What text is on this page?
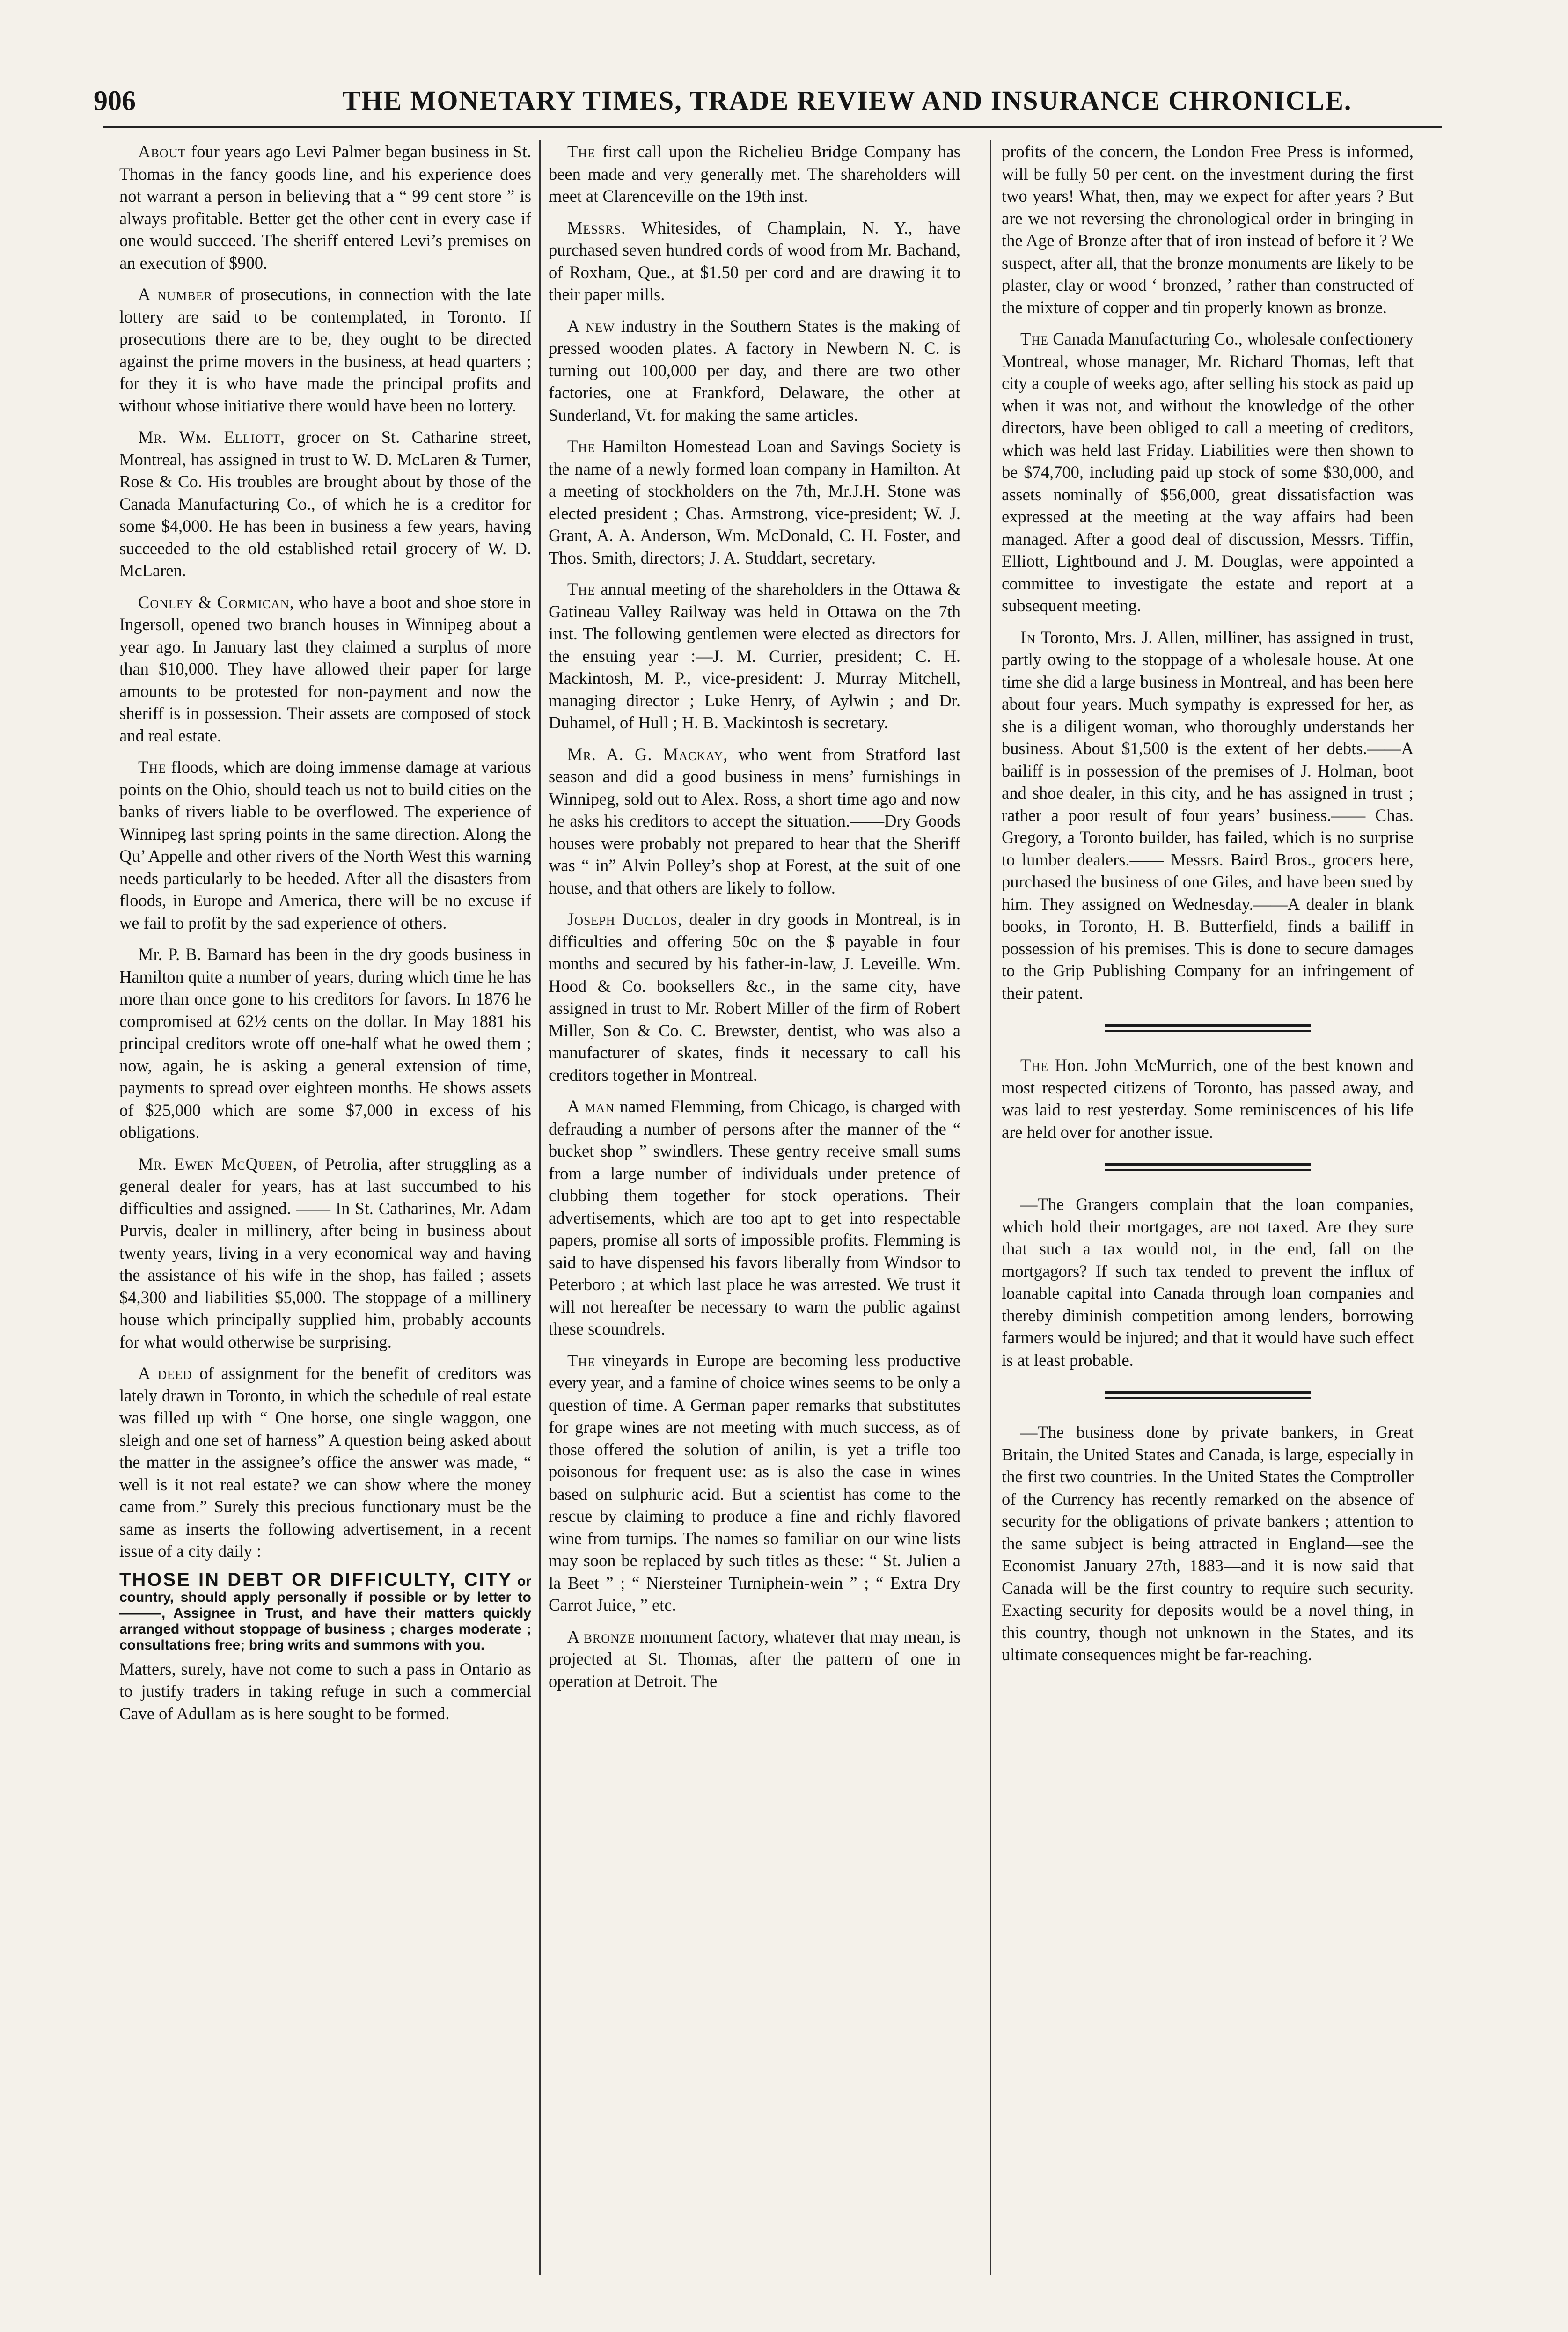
906	THE MONETARY TIMES, TRADE REVIEW AND INSURANCE CHRONICLE.

About four years ago Levi Palmer began business in St. Thomas in the fancy goods line, and his experience does not warrant a person in believing that a “ 99 cent store ” is always profitable. Better get the other cent in every case if one would succeed. The sheriff entered Levi’s premises on an execution of $900.

A number of prosecutions, in connection with the late lottery are said to be contemplated, in Toronto. If prosecutions there are to be, they ought to be directed against the prime movers in the business, at head quarters ; for they it is who have made the principal profits and without whose initiative there would have been no lottery.

Mr. Wm. Elliott, grocer on St. Catharine street, Montreal, has assigned in trust to W. D. McLaren & Turner, Rose & Co. His troubles are brought about by those of the Canada Manufacturing Co., of which he is a creditor for some $4,000. He has been in business a few years, having succeeded to the old established retail grocery of W. D. McLaren.

Conley & Cormican, who have a boot and shoe store in Ingersoll, opened two branch houses in Winnipeg about a year ago. In January last they claimed a surplus of more than $10,000. They have allowed their paper for large amounts to be protested for non-payment and now the sheriff is in possession. Their assets are composed of stock and real estate.

The floods, which are doing immense damage at various points on the Ohio, should teach us not to build cities on the banks of rivers liable to be overflowed. The experience of Winnipeg last spring points in the same direction. Along the Qu’ Appelle and other rivers of the North West this warning needs particularly to be heeded. After all the disasters from floods, in Europe and America, there will be no excuse if we fail to profit by the sad experience of others.

Mr. P. B. Barnard has been in the dry goods business in Hamilton quite a number of years, during which time he has more than once gone to his creditors for favors. In 1876 he compromised at 62½ cents on the dollar. In May 1881 his principal creditors wrote off one-half what he owed them ; now, again, he is asking a general extension of time, payments to spread over eighteen months. He shows assets of $25,000 which are some $7,000 in excess of his obligations.

Mr. Ewen McQueen, of Petrolia, after struggling as a general dealer for years, has at last succumbed to his difficulties and assigned. —— In St. Catharines, Mr. Adam Purvis, dealer in millinery, after being in business about twenty years, living in a very economical way and having the assistance of his wife in the shop, has failed ; assets $4,300 and liabilities $5,000. The stoppage of a millinery house which principally supplied him, probably accounts for what would otherwise be surprising.

A deed of assignment for the benefit of creditors was lately drawn in Toronto, in which the schedule of real estate was filled up with “ One horse, one single waggon, one sleigh and one set of harness” A question being asked about the matter in the assignee’s office the answer was made, “ well is it not real estate? we can show where the money came from.” Surely this precious functionary must be the same as inserts the following advertisement, in a recent issue of a city daily :

THOSE IN DEBT OR DIFFICULTY, CITY or country, should apply personally if possible or by letter to ———, Assignee in Trust, and have their matters quickly arranged without stoppage of business ; charges moderate ; consultations free; bring writs and summons with you.

Matters, surely, have not come to such a pass in Ontario as to justify traders in taking refuge in such a commercial Cave of Adullam as is here sought to be formed.

The first call upon the Richelieu Bridge Company has been made and very generally met. The shareholders will meet at Clarenceville on the 19th inst.

Messrs. Whitesides, of Champlain, N. Y., have purchased seven hundred cords of wood from Mr. Bachand, of Roxham, Que., at $1.50 per cord and are drawing it to their paper mills.

A new industry in the Southern States is the making of pressed wooden plates. A factory in Newbern N. C. is turning out 100,000 per day, and there are two other factories, one at Frankford, Delaware, the other at Sunderland, Vt. for making the same articles.

The Hamilton Homestead Loan and Savings Society is the name of a newly formed loan company in Hamilton. At a meeting of stockholders on the 7th, Mr.J.H. Stone was elected president ; Chas. Armstrong, vice-president; W. J. Grant, A. A. Anderson, Wm. McDonald, C. H. Foster, and Thos. Smith, directors; J. A. Studdart, secretary.

The annual meeting of the shareholders in the Ottawa & Gatineau Valley Railway was held in Ottawa on the 7th inst. The following gentlemen were elected as directors for the ensuing year :—J. M. Currier, president; C. H. Mackintosh, M. P., vice-president: J. Murray Mitchell, managing director ; Luke Henry, of Aylwin ; and Dr. Duhamel, of Hull ; H. B. Mackintosh is secretary.

Mr. A. G. Mackay, who went from Stratford last season and did a good business in mens’ furnishings in Winnipeg, sold out to Alex. Ross, a short time ago and now he asks his creditors to accept the situation.——Dry Goods houses were probably not prepared to hear that the Sheriff was “ in” Alvin Polley’s shop at Forest, at the suit of one house, and that others are likely to follow.

Joseph Duclos, dealer in dry goods in Montreal, is in difficulties and offering 50c on the $ payable in four months and secured by his father-in-law, J. Leveille. Wm. Hood & Co. booksellers &c., in the same city, have assigned in trust to Mr. Robert Miller of the firm of Robert Miller, Son & Co. C. Brewster, dentist, who was also a manufacturer of skates, finds it necessary to call his creditors together in Montreal.

A man named Flemming, from Chicago, is charged with defrauding a number of persons after the manner of the “ bucket shop ” swindlers. These gentry receive small sums from a large number of individuals under pretence of clubbing them together for stock operations. Their advertisements, which are too apt to get into respectable papers, promise all sorts of impossible profits. Flemming is said to have dispensed his favors liberally from Windsor to Peterboro ; at which last place he was arrested. We trust it will not hereafter be necessary to warn the public against these scoundrels.

The vineyards in Europe are becoming less productive every year, and a famine of choice wines seems to be only a question of time. A German paper remarks that substitutes for grape wines are not meeting with much success, as of those offered the solution of anilin, is yet a trifle too poisonous for frequent use: as is also the case in wines based on sulphuric acid. But a scientist has come to the rescue by claiming to produce a fine and richly flavored wine from turnips. The names so familiar on our wine lists may soon be replaced by such titles as these: “ St. Julien a la Beet ” ; “ Niersteiner Turniphein-wein ” ; “ Extra Dry Carrot Juice, ” etc.

A bronze monument factory, whatever that may mean, is projected at St. Thomas, after the pattern of one in operation at Detroit. The

profits of the concern, the London Free Press is informed, will be fully 50 per cent. on the investment during the first two years! What, then, may we expect for after years ? But are we not reversing the chronological order in bringing in the Age of Bronze after that of iron instead of before it ? We suspect, after all, that the bronze monuments are likely to be plaster, clay or wood ‘ bronzed, ’ rather than constructed of the mixture of copper and tin properly known as bronze.

The Canada Manufacturing Co., wholesale confectionery Montreal, whose manager, Mr. Richard Thomas, left that city a couple of weeks ago, after selling his stock as paid up when it was not, and without the knowledge of the other directors, have been obliged to call a meeting of creditors, which was held last Friday. Liabilities were then shown to be $74,700, including paid up stock of some $30,000, and assets nominally of $56,000, great dissatisfaction was expressed at the meeting at the way affairs had been managed. After a good deal of discussion, Messrs. Tiffin, Elliott, Lightbound and J. M. Douglas, were appointed a committee to investigate the estate and report at a subsequent meeting.

In Toronto, Mrs. J. Allen, milliner, has assigned in trust, partly owing to the stoppage of a wholesale house. At one time she did a large business in Montreal, and has been here about four years. Much sympathy is expressed for her, as she is a diligent woman, who thoroughly understands her business. About $1,500 is the extent of her debts.——A bailiff is in possession of the premises of J. Holman, boot and shoe dealer, in this city, and he has assigned in trust ; rather a poor result of four years’ business.—— Chas. Gregory, a Toronto builder, has failed, which is no surprise to lumber dealers.—— Messrs. Baird Bros., grocers here, purchased the business of one Giles, and have been sued by him. They assigned on Wednesday.——A dealer in blank books, in Toronto, H. B. Butterfield, finds a bailiff in possession of his premises. This is done to secure damages to the Grip Publishing Company for an infringement of their patent.

The Hon. John McMurrich, one of the best known and most respected citizens of Toronto, has passed away, and was laid to rest yesterday. Some reminiscences of his life are held over for another issue.

—The Grangers complain that the loan companies, which hold their mortgages, are not taxed. Are they sure that such a tax would not, in the end, fall on the mortgagors? If such tax tended to prevent the influx of loanable capital into Canada through loan companies and thereby diminish competition among lenders, borrowing farmers would be injured; and that it would have such effect is at least probable.

—The business done by private bankers, in Great Britain, the United States and Canada, is large, especially in the first two countries. In the United States the Comptroller of the Currency has recently remarked on the absence of security for the obligations of private bankers ; attention to the same subject is being attracted in England—see the Economist January 27th, 1883—and it is now said that Canada will be the first country to require such security. Exacting security for deposits would be a novel thing, in this country, though not unknown in the States, and its ultimate consequences might be far-reaching.
